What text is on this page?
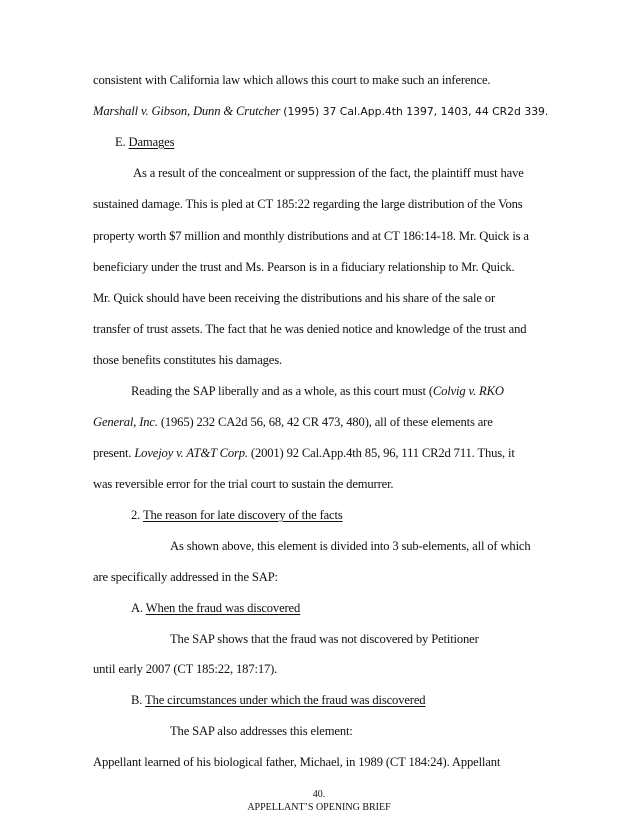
consistent with California law which allows this court to make such an inference.
Marshall v. Gibson, Dunn & Crutcher (1995) 37 Cal.App.4th 1397, 1403, 44 CR2d 339.
E. Damages
As a result of the concealment or suppression of the fact, the plaintiff must have
sustained damage. This is pled at CT 185:22 regarding the large distribution of the Vons
property worth $7 million and monthly distributions and at CT 186:14-18. Mr. Quick is a
beneficiary under the trust and Ms. Pearson is in a fiduciary relationship to Mr. Quick.
Mr. Quick should have been receiving the distributions and his share of the sale or
transfer of trust assets. The fact that he was denied notice and knowledge of the trust and
those benefits constitutes his damages.
Reading the SAP liberally and as a whole, as this court must (Colvig v. RKO
General, Inc. (1965) 232 CA2d 56, 68, 42 CR 473, 480), all of these elements are
present. Lovejoy v. AT&T Corp. (2001) 92 Cal.App.4th 85, 96, 111 CR2d 711. Thus, it
was reversible error for the trial court to sustain the demurrer.
2. The reason for late discovery of the facts
As shown above, this element is divided into 3 sub-elements, all of which
are specifically addressed in the SAP:
A. When the fraud was discovered
The SAP shows that the fraud was not discovered by Petitioner
until early 2007 (CT 185:22, 187:17).
B. The circumstances under which the fraud was discovered
The SAP also addresses this element:
Appellant learned of his biological father, Michael, in 1989 (CT 184:24). Appellant
40.
APPELLANT’S OPENING BRIEF
